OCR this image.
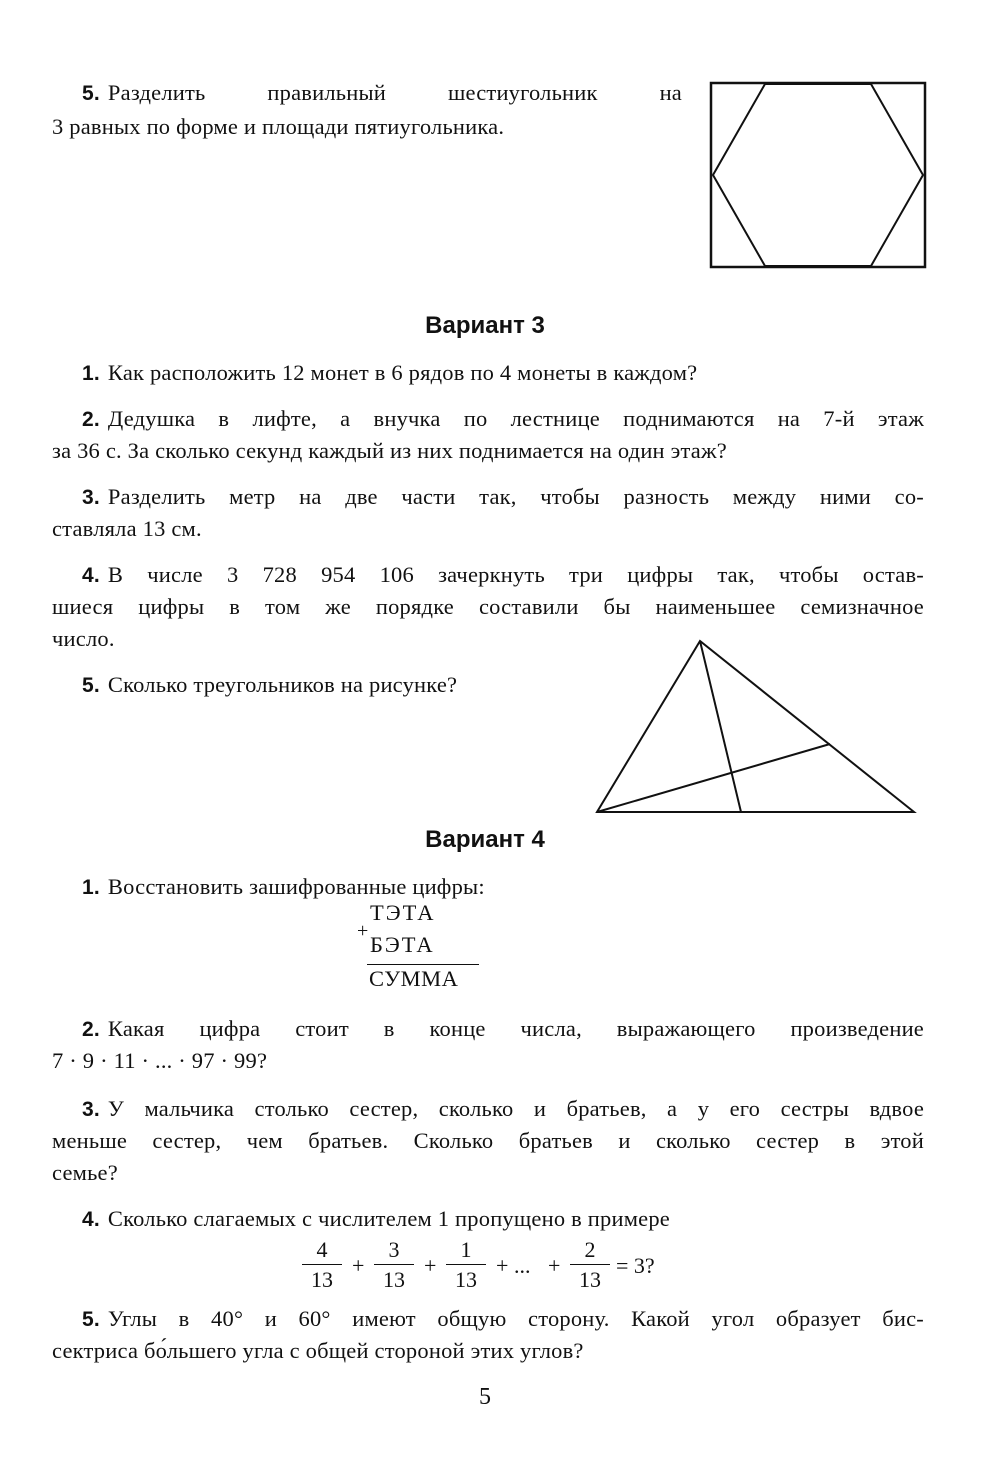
5. Разделить правильный шестиугольник на

3 равных по форме и площади пятиугольника.

Вариант 3

1. Как расположить 12 монет в 6 рядов по 4 монеты в каждом?

2. Дедушка в лифте, а внучка по лестнице поднимаются на 7-й этаж

за 36 с. За сколько секунд каждый из них поднимается на один этаж?

3. Разделить метр на две части так, чтобы разность между ними со-

ставляла 13 см.

4. В числе 3 728 954 106 зачеркнуть три цифры так, чтобы остав-

шиеся цифры в том же порядке составили бы наименьшее семизначное

число.

5. Сколько треугольников на рисунке?

Вариант 4

1. Восстановить зашифрованные цифры:

ТЭТА
+
БЭТА
СУММА

2. Какая цифра стоит в конце числа, выражающего произведение

7 · 9 · 11 · ... · 97 · 99?

3. У мальчика столько сестер, сколько и братьев, а у его сестры вдвое

меньше сестер, чем братьев. Сколько братьев и сколько сестер в этой

семье?

4. Сколько слагаемых с числителем 1 пропущено в примере

$\frac{4}{13} + \frac{3}{13} + \frac{1}{13}$ + ... + $\frac{2}{13} = 3$?

5. Углы в 40° и 60° имеют общую сторону. Какой угол образует бис-

сектриса бо́льшего угла с общей стороной этих углов?

5
